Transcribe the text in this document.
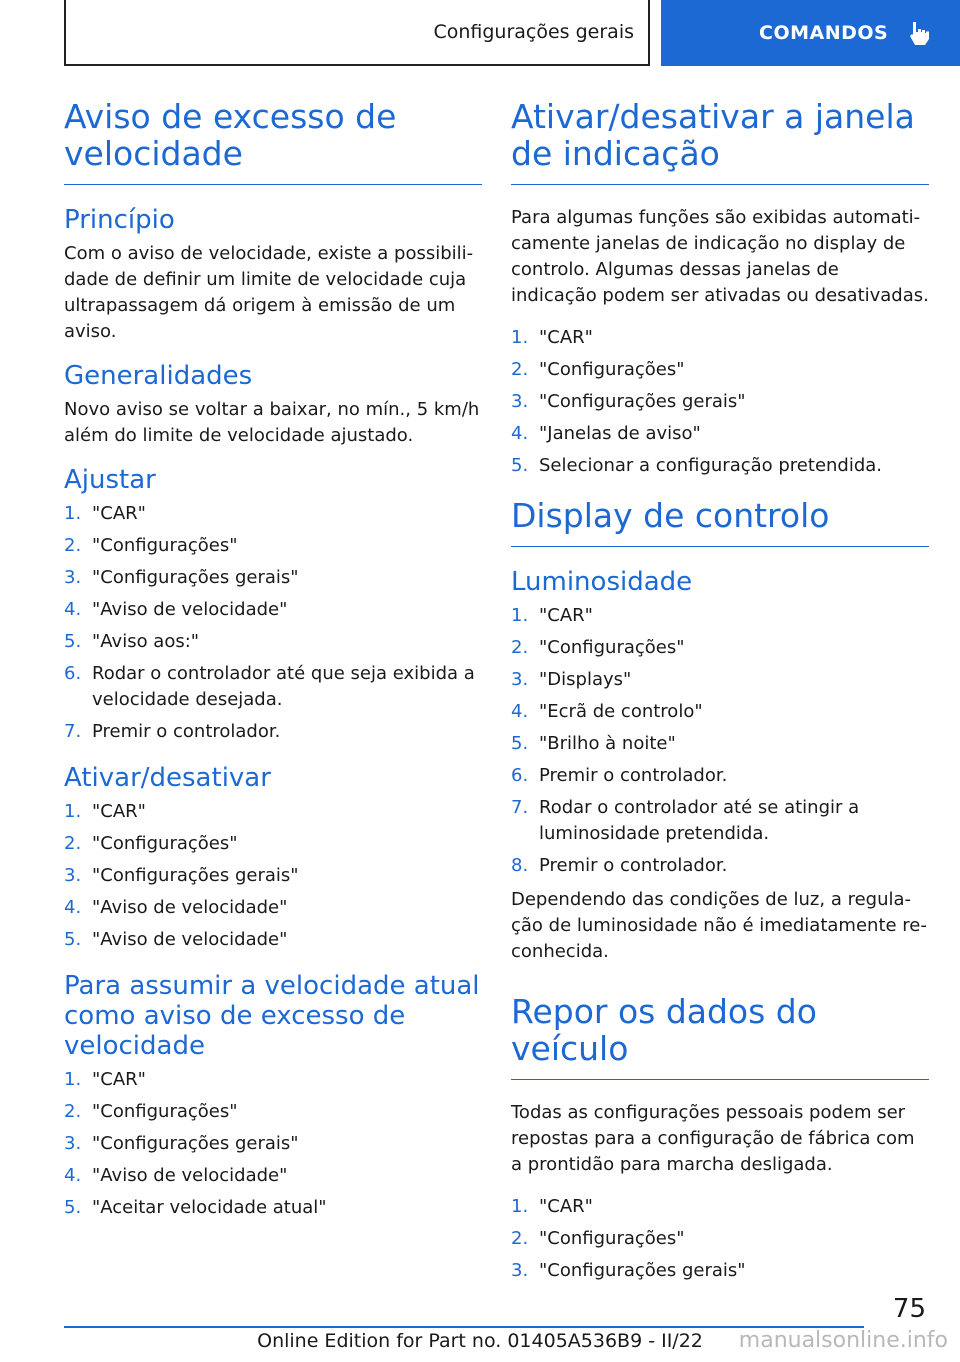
Configurações gerais	COMANDOS
Aviso de excesso de velocidade
Princípio

Com o aviso de velocidade, existe a possibilidade de definir um limite de velocidade cuja ultrapassagem dá origem à emissão de um aviso.

Generalidades

Novo aviso se voltar a baixar, no mín., 5 km/h além do limite de velocidade ajustado.

Ajustar
1. "CAR"
2. "Configurações"
3. "Configurações gerais"
4. "Aviso de velocidade"
5. "Aviso aos:"
6. Rodar o controlador até que seja exibida a velocidade desejada.
7. Premir o controlador.
Ativar/desativar
1. "CAR"
2. "Configurações"
3. "Configurações gerais"
4. "Aviso de velocidade"
5. "Aviso de velocidade"
Para assumir a velocidade atual como aviso de excesso de velocidade
1. "CAR"
2. "Configurações"
3. "Configurações gerais"
4. "Aviso de velocidade"
5. "Aceitar velocidade atual"
Ativar/desativar a janela de indicação

Para algumas funções são exibidas automaticamente janelas de indicação no display de controlo. Algumas dessas janelas de indicação podem ser ativadas ou desativadas.

1. "CAR"
2. "Configurações"
3. "Configurações gerais"
4. "Janelas de aviso"
5. Selecionar a configuração pretendida.
Display de controlo
Luminosidade
1. "CAR"
2. "Configurações"
3. "Displays"
4. "Ecrã de controlo"
5. "Brilho à noite"
6. Premir o controlador.
7. Rodar o controlador até se atingir a luminosidade pretendida.
8. Premir o controlador.

Dependendo das condições de luz, a regulação de luminosidade não é imediatamente reconhecida.

Repor os dados do veículo

Todas as configurações pessoais podem ser repostas para a configuração de fábrica com a prontidão para marcha desligada.

1. "CAR"
2. "Configurações"
3. "Configurações gerais"
75
Online Edition for Part no. 01405A536B9 - II/22	manualsonline.info
